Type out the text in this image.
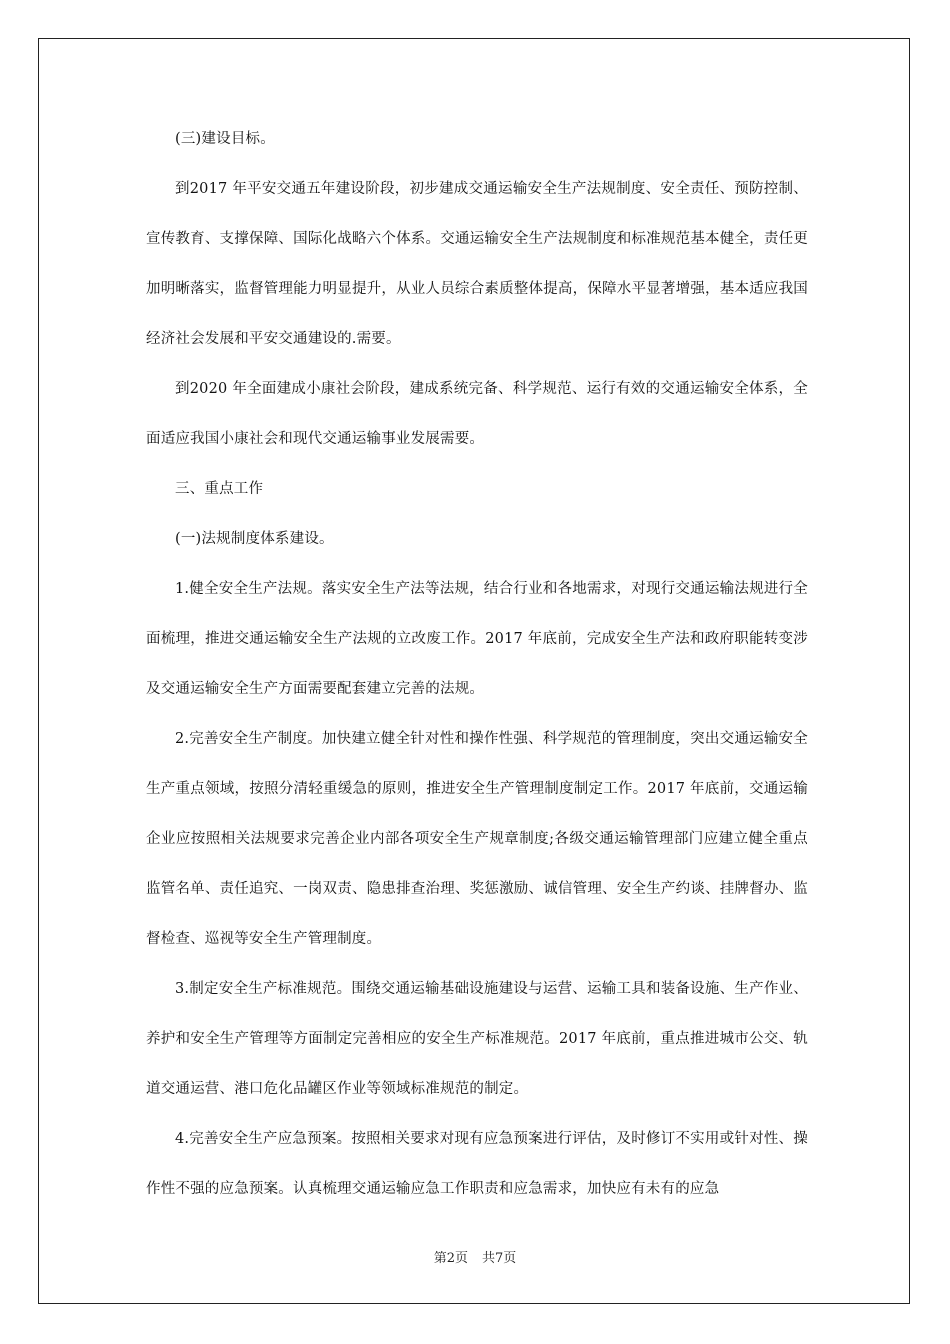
(三)建设目标。

到2017 年平安交通五年建设阶段，初步建成交通运输安全生产法规制度、安全责任、预防控制、宣传教育、支撑保障、国际化战略六个体系。交通运输安全生产法规制度和标准规范基本健全，责任更加明晰落实，监督管理能力明显提升，从业人员综合素质整体提高，保障水平显著增强，基本适应我国经济社会发展和平安交通建设的.需要。

到2020 年全面建成小康社会阶段，建成系统完备、科学规范、运行有效的交通运输安全体系，全面适应我国小康社会和现代交通运输事业发展需要。

三、重点工作

(一)法规制度体系建设。

1.健全安全生产法规。落实安全生产法等法规，结合行业和各地需求，对现行交通运输法规进行全面梳理，推进交通运输安全生产法规的立改废工作。2017 年底前，完成安全生产法和政府职能转变涉及交通运输安全生产方面需要配套建立完善的法规。

2.完善安全生产制度。加快建立健全针对性和操作性强、科学规范的管理制度，突出交通运输安全生产重点领域，按照分清轻重缓急的原则，推进安全生产管理制度制定工作。2017 年底前，交通运输企业应按照相关法规要求完善企业内部各项安全生产规章制度;各级交通运输管理部门应建立健全重点监管名单、责任追究、一岗双责、隐患排查治理、奖惩激励、诚信管理、安全生产约谈、挂牌督办、监督检查、巡视等安全生产管理制度。

3.制定安全生产标准规范。围绕交通运输基础设施建设与运营、运输工具和装备设施、生产作业、养护和安全生产管理等方面制定完善相应的安全生产标准规范。2017 年底前，重点推进城市公交、轨道交通运营、港口危化品罐区作业等领域标准规范的制定。

4.完善安全生产应急预案。按照相关要求对现有应急预案进行评估，及时修订不实用或针对性、操作性不强的应急预案。认真梳理交通运输应急工作职责和应急需求，加快应有未有的应急

第2页 共7页
